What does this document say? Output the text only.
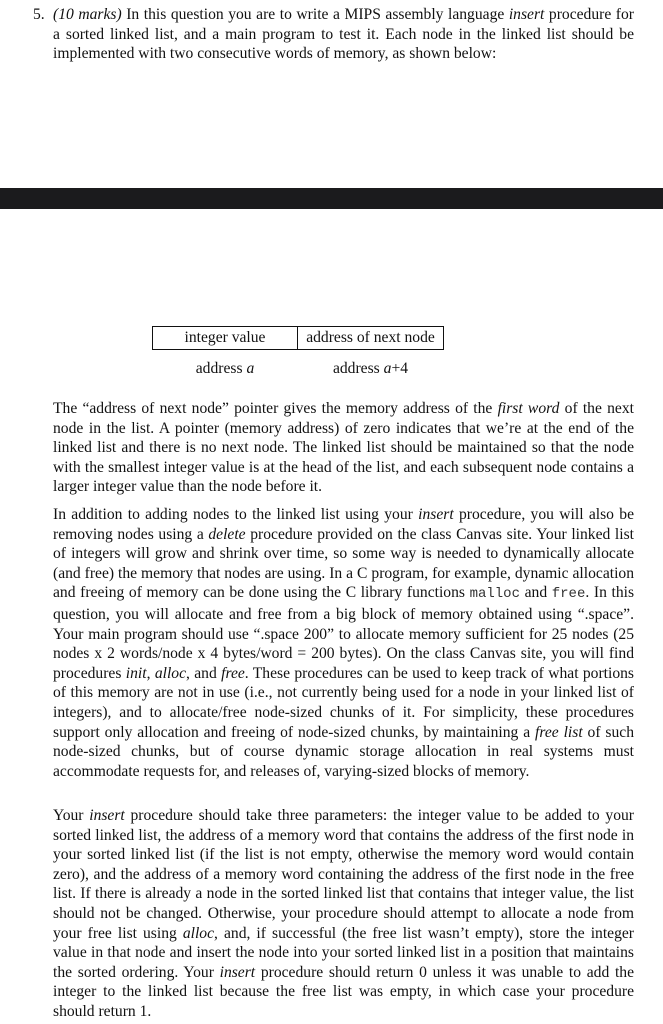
5. (10 marks) In this question you are to write a MIPS assembly language insert procedure for a sorted linked list, and a main program to test it. Each node in the linked list should be implemented with two consecutive words of memory, as shown below:

integer value	address of next node
address a	address a+4

The “address of next node” pointer gives the memory address of the first word of the next node in the list. A pointer (memory address) of zero indicates that we’re at the end of the linked list and there is no next node. The linked list should be maintained so that the node with the smallest integer value is at the head of the list, and each subsequent node contains a larger integer value than the node before it.

In addition to adding nodes to the linked list using your insert procedure, you will also be removing nodes using a delete procedure provided on the class Canvas site. Your linked list of integers will grow and shrink over time, so some way is needed to dynamically allocate (and free) the memory that nodes are using. In a C program, for example, dynamic allocation and freeing of memory can be done using the C library functions malloc and free. In this question, you will allocate and free from a big block of memory obtained using “.space”. Your main program should use “.space 200” to allocate memory sufficient for 25 nodes (25 nodes x 2 words/node x 4 bytes/word = 200 bytes). On the class Canvas site, you will find procedures init, alloc, and free. These procedures can be used to keep track of what portions of this memory are not in use (i.e., not currently being used for a node in your linked list of integers), and to allocate/free node-sized chunks of it. For simplicity, these procedures support only allocation and freeing of node-sized chunks, by maintaining a free list of such node-sized chunks, but of course dynamic storage allocation in real systems must accommodate requests for, and releases of, varying-sized blocks of memory.

Your insert procedure should take three parameters: the integer value to be added to your sorted linked list, the address of a memory word that contains the address of the first node in your sorted linked list (if the list is not empty, otherwise the memory word would contain zero), and the address of a memory word containing the address of the first node in the free list. If there is already a node in the sorted linked list that contains that integer value, the list should not be changed. Otherwise, your procedure should attempt to allocate a node from your free list using alloc, and, if successful (the free list wasn’t empty), store the integer value in that node and insert the node into your sorted linked list in a position that maintains the sorted ordering. Your insert procedure should return 0 unless it was unable to add the integer to the linked list because the free list was empty, in which case your procedure should return 1.
